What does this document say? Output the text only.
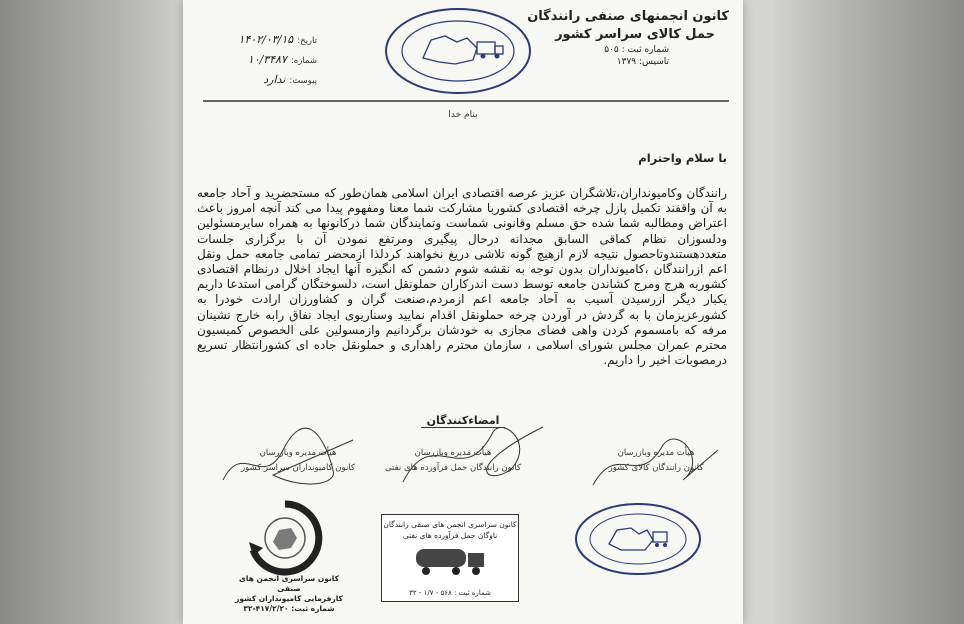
کانون انجمنهای صنفی رانندگان
حمل کالای سراسر کشور
شماره ثبت : ۵۰۵
تاسیس: ۱۳۷۹
تاریخ:
۱۴۰۲/۰۳/۱۵
شماره:
۱۰/۳۴۸۷
پیوست:
ندارد
بنام خدا
با سلام واحترام
رانندگان وکامیونداران،تلاشگران عزیز عرصه اقتصادی ایران اسلامی همان‌طور که مستحضرید و آحاد جامعه به آن واقفند تکمیل پازل چرخه اقتصادی کشوربا مشارکت شما معنا ومفهوم پیدا می کند آنچه امروز باعث اعتراض ومطالبه شما شده حق مسلم وقانونی شماست وتمایندگان شما درکانونها به همراه سایرمسئولین ودلسوزان نظام کماقی السابق مجدانه درحال پیگیری ومرتفع نمودن آن با برگزاری جلسات متعددهستندوتاحصول نتیجه لازم ازهیچ گونه تلاشی دریغ نخواهند کردلذا ازمحضر تمامی جامعه حمل ونقل اعم ازرانندگان ،کامیونداران بدون توجه به نقشه شوم دشمن که انگیزه آنها ایجاد اخلال درنظام اقتصادی کشوربه هرج ومرج کشاندن جامعه توسط دست اندرکاران حملونقل است، دلسوختگان گرامی استدعا داریم یکبار دیگر ازرسیدن آسیب به آحاد جامعه اعم ازمردم،صنعت گران و کشاورزان ارادت خودرا به کشورعزیزمان با به گردش در آوردن چرخه حملونقل اقدام نمایید وسناریوی ایجاد نفاق رابه خارج نشینان مرفه که بامسموم کردن واهی فضای مجازی به خودشان برگردانیم وازمسولین علی الخصوص کمیسیون محترم عمران مجلس شورای اسلامی ، سازمان محترم راهداری و حملونقل جاده ای کشورانتظار تسریع درمصوبات اخیر را داریم.
امضاءکنندگان
هیأت مدیره وبازرسان
کانون کامیونداران سراسر کشور
هیأت مدیره وبازرسان
کانون رانندگان حمل فرآورده های نفتی
هیأت مدیره وبازرسان
کانون رانندگان کالای کشور
کانون سراسری انجمن های صنفی
کارفرمایی کامیونداران کشور
شماره ثبت: ۴۱۷/۲/۲۰-۳۲
کانون سراسری انجمن های صنفی رانندگان
ناوگان حمل فرآورده های نفتی
شماره ثبت : ۵۶۸ - ۱/۷ - ۳۲
